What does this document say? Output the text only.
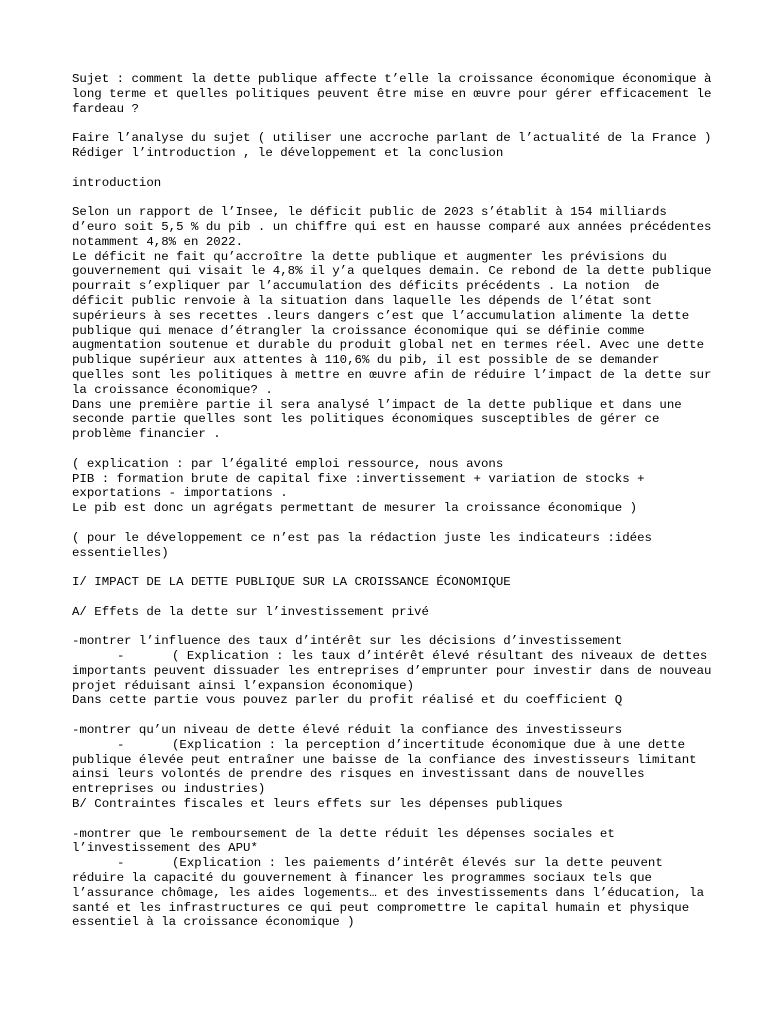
Sujet : comment la dette publique affecte t’elle la croissance économique économique à long terme et quelles politiques peuvent être mise en œuvre pour gérer efficacement le fardeau ?

Faire l’analyse du sujet ( utiliser une accroche parlant de l’actualité de la France )

Rédiger l’introduction , le développement et la conclusion

introduction

Selon un rapport de l’Insee, le déficit public de 2023 s’établit à 154 milliards d’euro soit 5,5 % du pib . un chiffre qui est en hausse comparé aux années précédentes notamment 4,8% en 2022.

Le déficit ne fait qu’accroître la dette publique et augmenter les prévisions du gouvernement qui visait le 4,8% il y’a quelques demain. Ce rebond de la dette publique pourrait s’expliquer par l’accumulation des déficits précédents . La notion  de déficit public renvoie à la situation dans laquelle les dépends de l’état sont supérieurs à ses recettes .leurs dangers c’est que l’accumulation alimente la dette publique qui menace d’étrangler la croissance économique qui se définie comme augmentation soutenue et durable du produit global net en termes réel. Avec une dette publique supérieur aux attentes à 110,6% du pib, il est possible de se demander quelles sont les politiques à mettre en œuvre afin de réduire l’impact de la dette sur la croissance économique? .

Dans une première partie il sera analysé l’impact de la dette publique et dans une seconde partie quelles sont les politiques économiques susceptibles de gérer ce problème financier .

( explication : par l’égalité emploi ressource, nous avons

PIB : formation brute de capital fixe :invertissement + variation de stocks + exportations - importations .

Le pib est donc un agrégats permettant de mesurer la croissance économique )

( pour le développement ce n’est pas la rédaction juste les indicateurs :idées essentielles)

I/ IMPACT DE LA DETTE PUBLIQUE SUR LA CROISSANCE ÉCONOMIQUE

A/ Effets de la dette sur l’investissement privé

-montrer l’influence des taux d’intérêt sur les décisions d’investissement

-	( Explication : les taux d’intérêt élevé résultant des niveaux de dettes importants peuvent dissuader les entreprises d’emprunter pour investir dans de nouveau projet réduisant ainsi l’expansion économique)

Dans cette partie vous pouvez parler du profit réalisé et du coefficient Q

-montrer qu’un niveau de dette élevé réduit la confiance des investisseurs

-	(Explication : la perception d’incertitude économique due à une dette publique élevée peut entraîner une baisse de la confiance des investisseurs limitant ainsi leurs volontés de prendre des risques en investissant dans de nouvelles entreprises ou industries)

B/ Contraintes fiscales et leurs effets sur les dépenses publiques

-montrer que le remboursement de la dette réduit les dépenses sociales et l’investissement des APU*

-	(Explication : les paiements d’intérêt élevés sur la dette peuvent réduire la capacité du gouvernement à financer les programmes sociaux tels que l’assurance chômage, les aides logements… et des investissements dans l’éducation, la santé et les infrastructures ce qui peut compromettre le capital humain et physique essentiel à la croissance économique )
